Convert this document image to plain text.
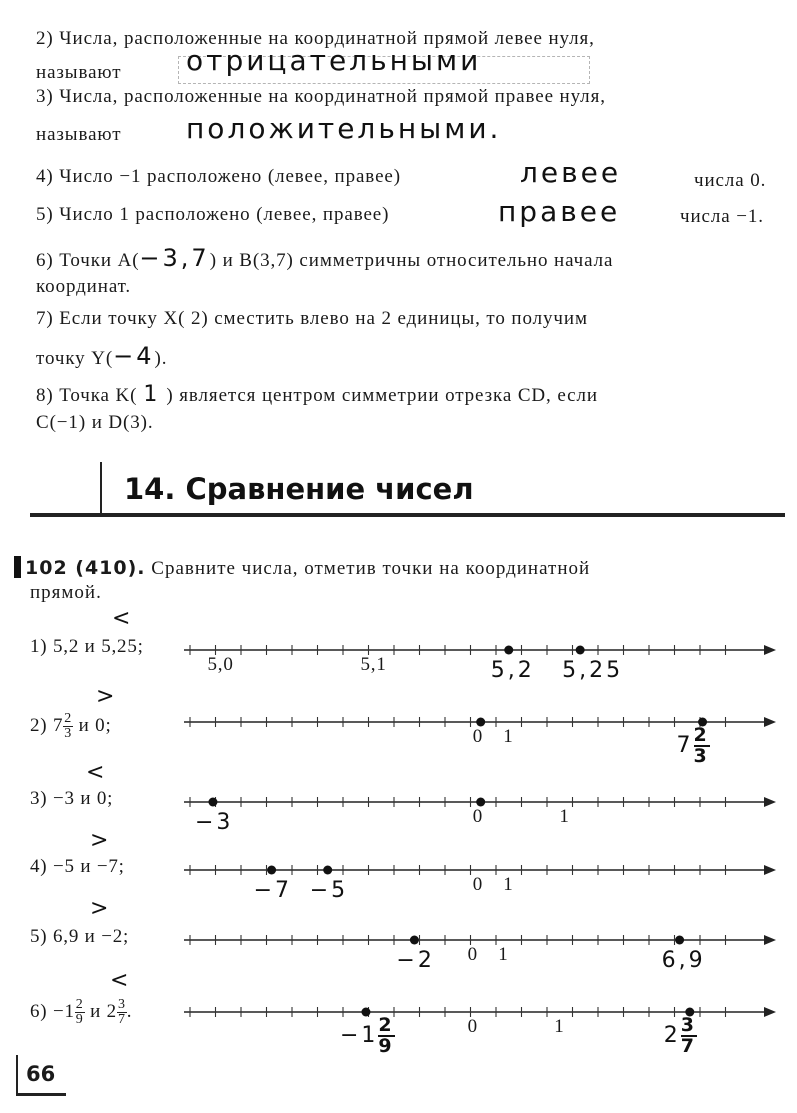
2) Числа, расположенные на координатной прямой левее нуля,
называют отрицательными
3) Числа, расположенные на координатной прямой правее нуля,
называют положительными.
4) Число −1 расположено (левее, правее)	левее	числа 0.
5) Число 1 расположено (левее, правее)	правее	числа −1.
6) Точки A(−3,7) и B(3,7) симметричны относительно начала
координат.
7) Если точку X( 2) сместить влево на 2 единицы, то получим
точку Y(−4).
8) Точка K( 1 ) является центром симметрии отрезка CD, если
C(−1) и D(3).
14. Сравнение чисел
102 (410). Сравните числа, отметив точки на координатной
прямой.
1) 5,2 и 5,25;
<
2) $7 \frac{2}{3}$ и 0;
>
3) −3 и 0;
<
4) −5 и −7;
>
5) 6,9 и −2;
>
$6) -1 \frac{2}{9}$ и $2 \frac{3}{7}$ .
<
5,0	5,1	5,2 5,25
0 1	$7 \frac{2}{3}$
0	1
−3
0 1
−7 −5
0 1
−2	6,9
0	1
$-1 \frac{2}{9}$	$2 \frac{3}{7}$
66
